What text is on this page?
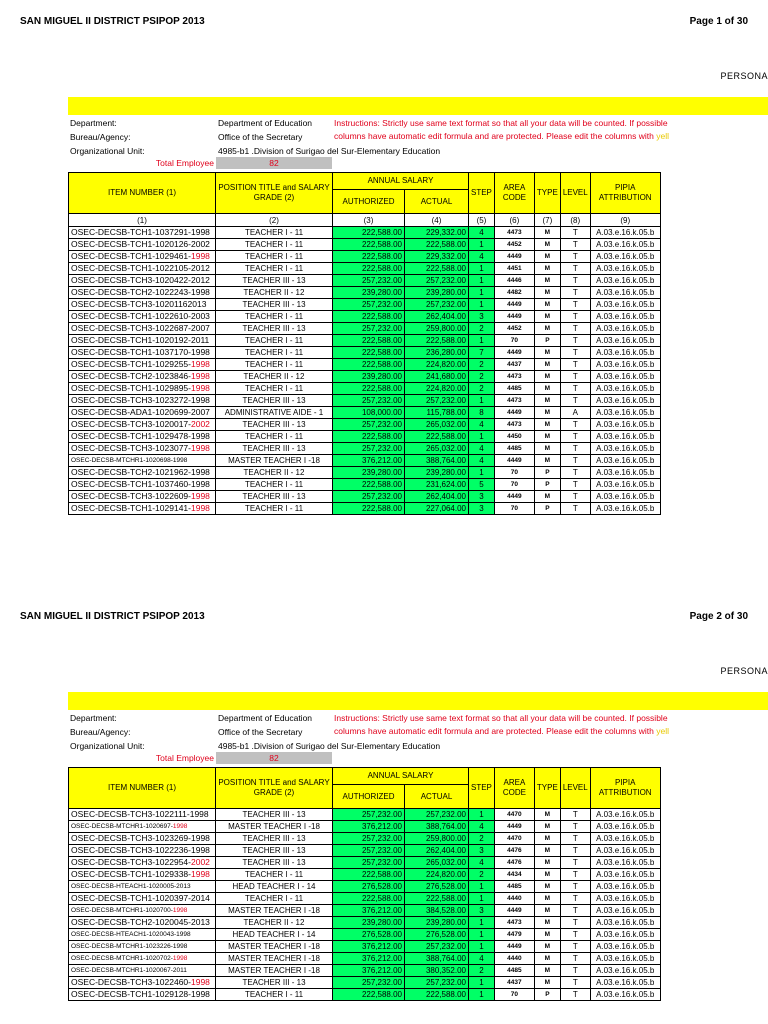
SAN MIGUEL II DISTRICT PSIPOP 2013	Page 1 of 30
PERSONA
Department:	Department of Education
Bureau/Agency:	Office of the Secretary
Organizational Unit:	4985-b1 .Division of Surigao del Sur-Elementary Education
Instructions: Strictly use same text format so that all your data will be counted. If possible
columns have automatic edit formula and are protected. Please edit the columns with yell
Total Employee	82
ITEM NUMBER (1)	POSITION TITLE and SALARY GRADE (2)	ANNUAL SALARY		STEP	AREA CODE	TYPE	LEVEL	PIPIA ATTRIBUTION
		AUTHORIZED	ACTUAL					
(1)	(2)	(3)	(4)	(5)	(6)	(7)	(8)	(9)
OSEC-DECSB-TCH1-1037291-1998	TEACHER I - 11	222,588.00	229,332.00	4	4473	M	T	A.03.e.16.k.05.b
OSEC-DECSB-TCH1-1020126-2002	TEACHER I - 11	222,588.00	222,588.00	1	4452	M	T	A.03.e.16.k.05.b
OSEC-DECSB-TCH1-1029461-1998	TEACHER I - 11	222,588.00	229,332.00	4	4449	M	T	A.03.e.16.k.05.b
OSEC-DECSB-TCH1-1022105-2012	TEACHER I - 11	222,588.00	222,588.00	1	4451	M	T	A.03.e.16.k.05.b
OSEC-DECSB-TCH3-1020422-2012	TEACHER III - 13	257,232.00	257,232.00	1	4446	M	T	A.03.e.16.k.05.b
OSEC-DECSB-TCH2-1022243-1998	TEACHER II - 12	239,280.00	239,280.00	1	4482	M	T	A.03.e.16.k.05.b
OSEC-DECSB-TCH3-10201162013	TEACHER III - 13	257,232.00	257,232.00	1	4449	M	T	A.03.e.16.k.05.b
OSEC-DECSB-TCH1-1022610-2003	TEACHER I - 11	222,588.00	262,404.00	3	4449	M	T	A.03.e.16.k.05.b
OSEC-DECSB-TCH3-1022687-2007	TEACHER III - 13	257,232.00	259,800.00	2	4452	M	T	A.03.e.16.k.05.b
OSEC-DECSB-TCH1-1020192-2011	TEACHER I - 11	222,588.00	222,588.00	1	70	P	T	A.03.e.16.k.05.b
OSEC-DECSB-TCH1-1037170-1998	TEACHER I - 11	222,588.00	236,280.00	7	4449	M	T	A.03.e.16.k.05.b
OSEC-DECSB-TCH1-1029255-1998	TEACHER I - 11	222,588.00	224,820.00	2	4437	M	T	A.03.e.16.k.05.b
OSEC-DECSB-TCH2-1023846-1998	TEACHER II - 12	239,280.00	241,680.00	2	4473	M	T	A.03.e.16.k.05.b
OSEC-DECSB-TCH1-1029895-1998	TEACHER I - 11	222,588.00	224,820.00	2	4485	M	T	A.03.e.16.k.05.b
OSEC-DECSB-TCH3-1023272-1998	TEACHER III - 13	257,232.00	257,232.00	1	4473	M	T	A.03.e.16.k.05.b
OSEC-DECSB-ADA1-1020699-2007	ADMINISTRATIVE AIDE - 1	108,000.00	115,788.00	8	4449	M	A	A.03.e.16.k.05.b
OSEC-DECSB-TCH3-1020017-2002	TEACHER III - 13	257,232.00	265,032.00	4	4473	M	T	A.03.e.16.k.05.b
OSEC-DECSB-TCH1-1029478-1998	TEACHER I - 11	222,588.00	222,588.00	1	4450	M	T	A.03.e.16.k.05.b
OSEC-DECSB-TCH3-1023077-1998	TEACHER III - 13	257,232.00	265,032.00	4	4485	M	T	A.03.e.16.k.05.b
OSEC-DECSB-MTCHR1-1020698-1998	MASTER TEACHER I -18	376,212.00	388,764.00	4	4449	M	T	A.03.e.16.k.05.b
OSEC-DECSB-TCH2-1021962-1998	TEACHER II - 12	239,280.00	239,280.00	1	70	P	T	A.03.e.16.k.05.b
OSEC-DECSB-TCH1-1037460-1998	TEACHER I - 11	222,588.00	231,624.00	5	70	P	T	A.03.e.16.k.05.b
OSEC-DECSB-TCH3-1022609-1998	TEACHER III - 13	257,232.00	262,404.00	3	4449	M	T	A.03.e.16.k.05.b
OSEC-DECSB-TCH1-1029141-1998	TEACHER I - 11	222,588.00	227,064.00	3	70	P	T	A.03.e.16.k.05.b
SAN MIGUEL II DISTRICT PSIPOP 2013	Page 2 of 30
PERSONA
Department:	Department of Education
Bureau/Agency:	Office of the Secretary
Organizational Unit:	4985-b1 .Division of Surigao del Sur-Elementary Education
Instructions: Strictly use same text format so that all your data will be counted. If possible
columns have automatic edit formula and are protected. Please edit the columns with yell
Total Employee	82
ITEM NUMBER (1)	POSITION TITLE and SALARY GRADE (2)	ANNUAL SALARY		STEP	AREA CODE	TYPE	LEVEL	PIPIA ATTRIBUTION
		AUTHORIZED	ACTUAL					
OSEC-DECSB-TCH3-1022111-1998	TEACHER III - 13	257,232.00	257,232.00	1	4470	M	T	A.03.e.16.k.05.b
OSEC-DECSB-MTCHR1-1020697-1998	MASTER TEACHER I -18	376,212.00	388,764.00	4	4449	M	T	A.03.e.16.k.05.b
OSEC-DECSB-TCH3-1023269-1998	TEACHER III - 13	257,232.00	259,800.00	2	4470	M	T	A.03.e.16.k.05.b
OSEC-DECSB-TCH3-1022236-1998	TEACHER III - 13	257,232.00	262,404.00	3	4476	M	T	A.03.e.16.k.05.b
OSEC-DECSB-TCH3-1022954-2002	TEACHER III - 13	257,232.00	265,032.00	4	4476	M	T	A.03.e.16.k.05.b
OSEC-DECSB-TCH1-1029338-1998	TEACHER I - 11	222,588.00	224,820.00	2	4434	M	T	A.03.e.16.k.05.b
OSEC-DECSB-HTEACH1-1020005-2013	HEAD TEACHER I - 14	276,528.00	276,528.00	1	4485	M	T	A.03.e.16.k.05.b
OSEC-DECSB-TCH1-1020397-2014	TEACHER I - 11	222,588.00	222,588.00	1	4440	M	T	A.03.e.16.k.05.b
OSEC-DECSB-MTCHR1-1020700-1998	MASTER TEACHER I -18	376,212.00	384,528.00	3	4449	M	T	A.03.e.16.k.05.b
OSEC-DECSB-TCH2-1020045-2013	TEACHER II - 12	239,280.00	239,280.00	1	4473	M	T	A.03.e.16.k.05.b
OSEC-DECSB-HTEACH1-1020043-1998	HEAD TEACHER I - 14	276,528.00	276,528.00	1	4479	M	T	A.03.e.16.k.05.b
OSEC-DECSB-MTCHR1-1023226-1998	MASTER TEACHER I -18	376,212.00	257,232.00	1	4449	M	T	A.03.e.16.k.05.b
OSEC-DECSB-MTCHR1-1020702-1998	MASTER TEACHER I -18	376,212.00	388,764.00	4	4440	M	T	A.03.e.16.k.05.b
OSEC-DECSB-MTCHR1-1020067-2011	MASTER TEACHER I -18	376,212.00	380,352.00	2	4485	M	T	A.03.e.16.k.05.b
OSEC-DECSB-TCH3-1022460-1998	TEACHER III - 13	257,232.00	257,232.00	1	4437	M	T	A.03.e.16.k.05.b
OSEC-DECSB-TCH1-1029128-1998	TEACHER I - 11	222,588.00	222,588.00	1	70	P	T	A.03.e.16.k.05.b
